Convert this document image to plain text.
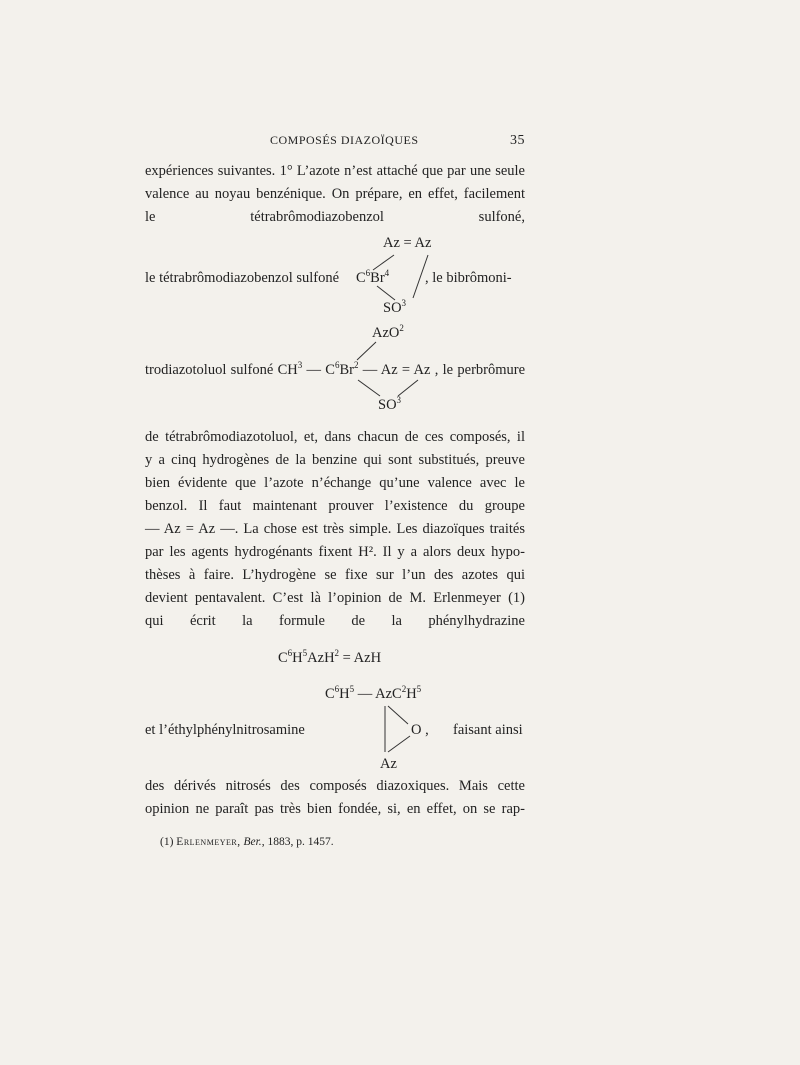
COMPOSÉS DIAZOÏQUES	35
expériences suivantes. 1° L’azote n’est attaché que par une seule
valence au noyau benzénique. On prépare, en effet, facilement
le tétrabrômodiazobenzol sulfoné,
Az = Az
le tétrabrômodiazobenzol sulfoné $C^6Br^4$ , le bibrômoni-
$SO^3$
AzO$^2$
trodiazotoluol sulfoné $CH^3$ — $C^6Br^2$ — Az = Az , le perbrômure
$SO^3$
de tétrabrômodiazotoluol, et, dans chacun de ces composés, il
y a cinq hydrogènes de la benzine qui sont substitués, preuve
bien évidente que l’azote n’échange qu’une valence avec le
benzol. Il faut maintenant prouver l’existence du groupe
— Az = Az —. La chose est très simple. Les diazoïques traités
par les agents hydrogénants fixent H². Il y a alors deux hypo-
thèses à faire. L’hydrogène se fixe sur l’un des azotes qui
devient pentavalent. C’est là l’opinion de M. Erlenmeyer (1)
qui écrit la formule de la phénylhydrazine
$C^6H^5AzH^2$ = AzH
$C^6H^5$ — $AzC^2H^5$
et l’éthylphénylnitrosamine	O , faisant ainsi
Az
des dérivés nitrosés des composés diazoxiques. Mais cette
opinion ne paraît pas très bien fondée, si, en effet, on se rap-
(1) Erlenmeyer, Ber., 1883, p. 1457.
